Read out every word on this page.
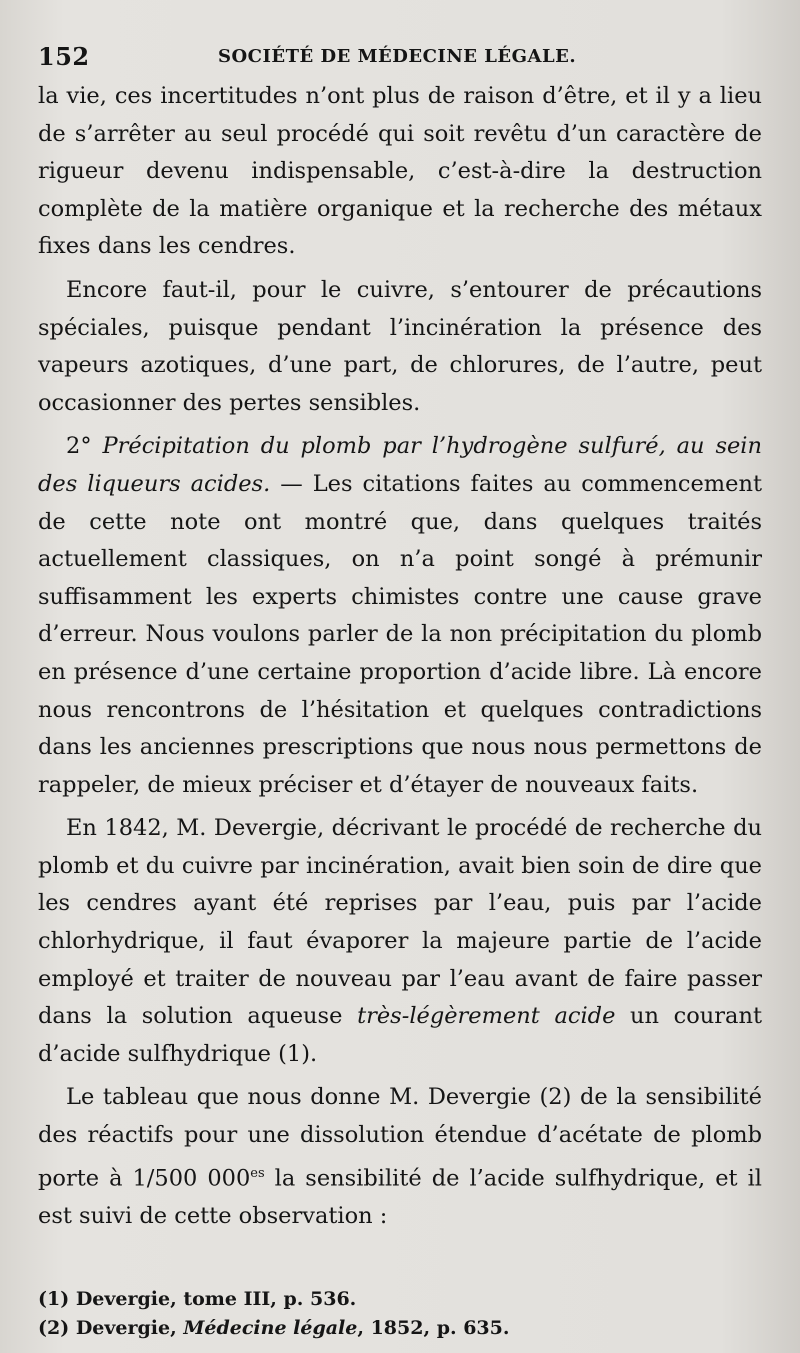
152	SOCIÉTÉ DE MÉDECINE LÉGALE.

la vie, ces incertitudes n’ont plus de raison d’être, et il y a lieu de s’arrêter au seul procédé qui soit revêtu d’un caractère de rigueur devenu indispensable, c’est-à-dire la destruction complète de la matière organique et la recherche des métaux fixes dans les cendres.

Encore faut-il, pour le cuivre, s’entourer de précautions spéciales, puisque pendant l’incinération la présence des vapeurs azotiques, d’une part, de chlorures, de l’autre, peut occasionner des pertes sensibles.

2° Précipitation du plomb par l’hydrogène sulfuré, au sein des liqueurs acides. — Les citations faites au commencement de cette note ont montré que, dans quelques traités actuellement classiques, on n’a point songé à prémunir suffisamment les experts chimistes contre une cause grave d’erreur. Nous voulons parler de la non précipitation du plomb en présence d’une certaine proportion d’acide libre. Là encore nous rencontrons de l’hésitation et quelques contradictions dans les anciennes prescriptions que nous nous permettons de rappeler, de mieux préciser et d’étayer de nouveaux faits.

En 1842, M. Devergie, décrivant le procédé de recherche du plomb et du cuivre par incinération, avait bien soin de dire que les cendres ayant été reprises par l’eau, puis par l’acide chlorhydrique, il faut évaporer la majeure partie de l’acide employé et traiter de nouveau par l’eau avant de faire passer dans la solution aqueuse très-légèrement acide un courant d’acide sulfhydrique (1).

Le tableau que nous donne M. Devergie (2) de la sensibilité des réactifs pour une dissolution étendue d’acétate de plomb porte à 1/500 $000^{es}$ la sensibilité de l’acide sulfhydrique, et il est suivi de cette observation :

(1) Devergie, tome III, p. 536.

(2) Devergie, Médecine légale, 1852, p. 635.
